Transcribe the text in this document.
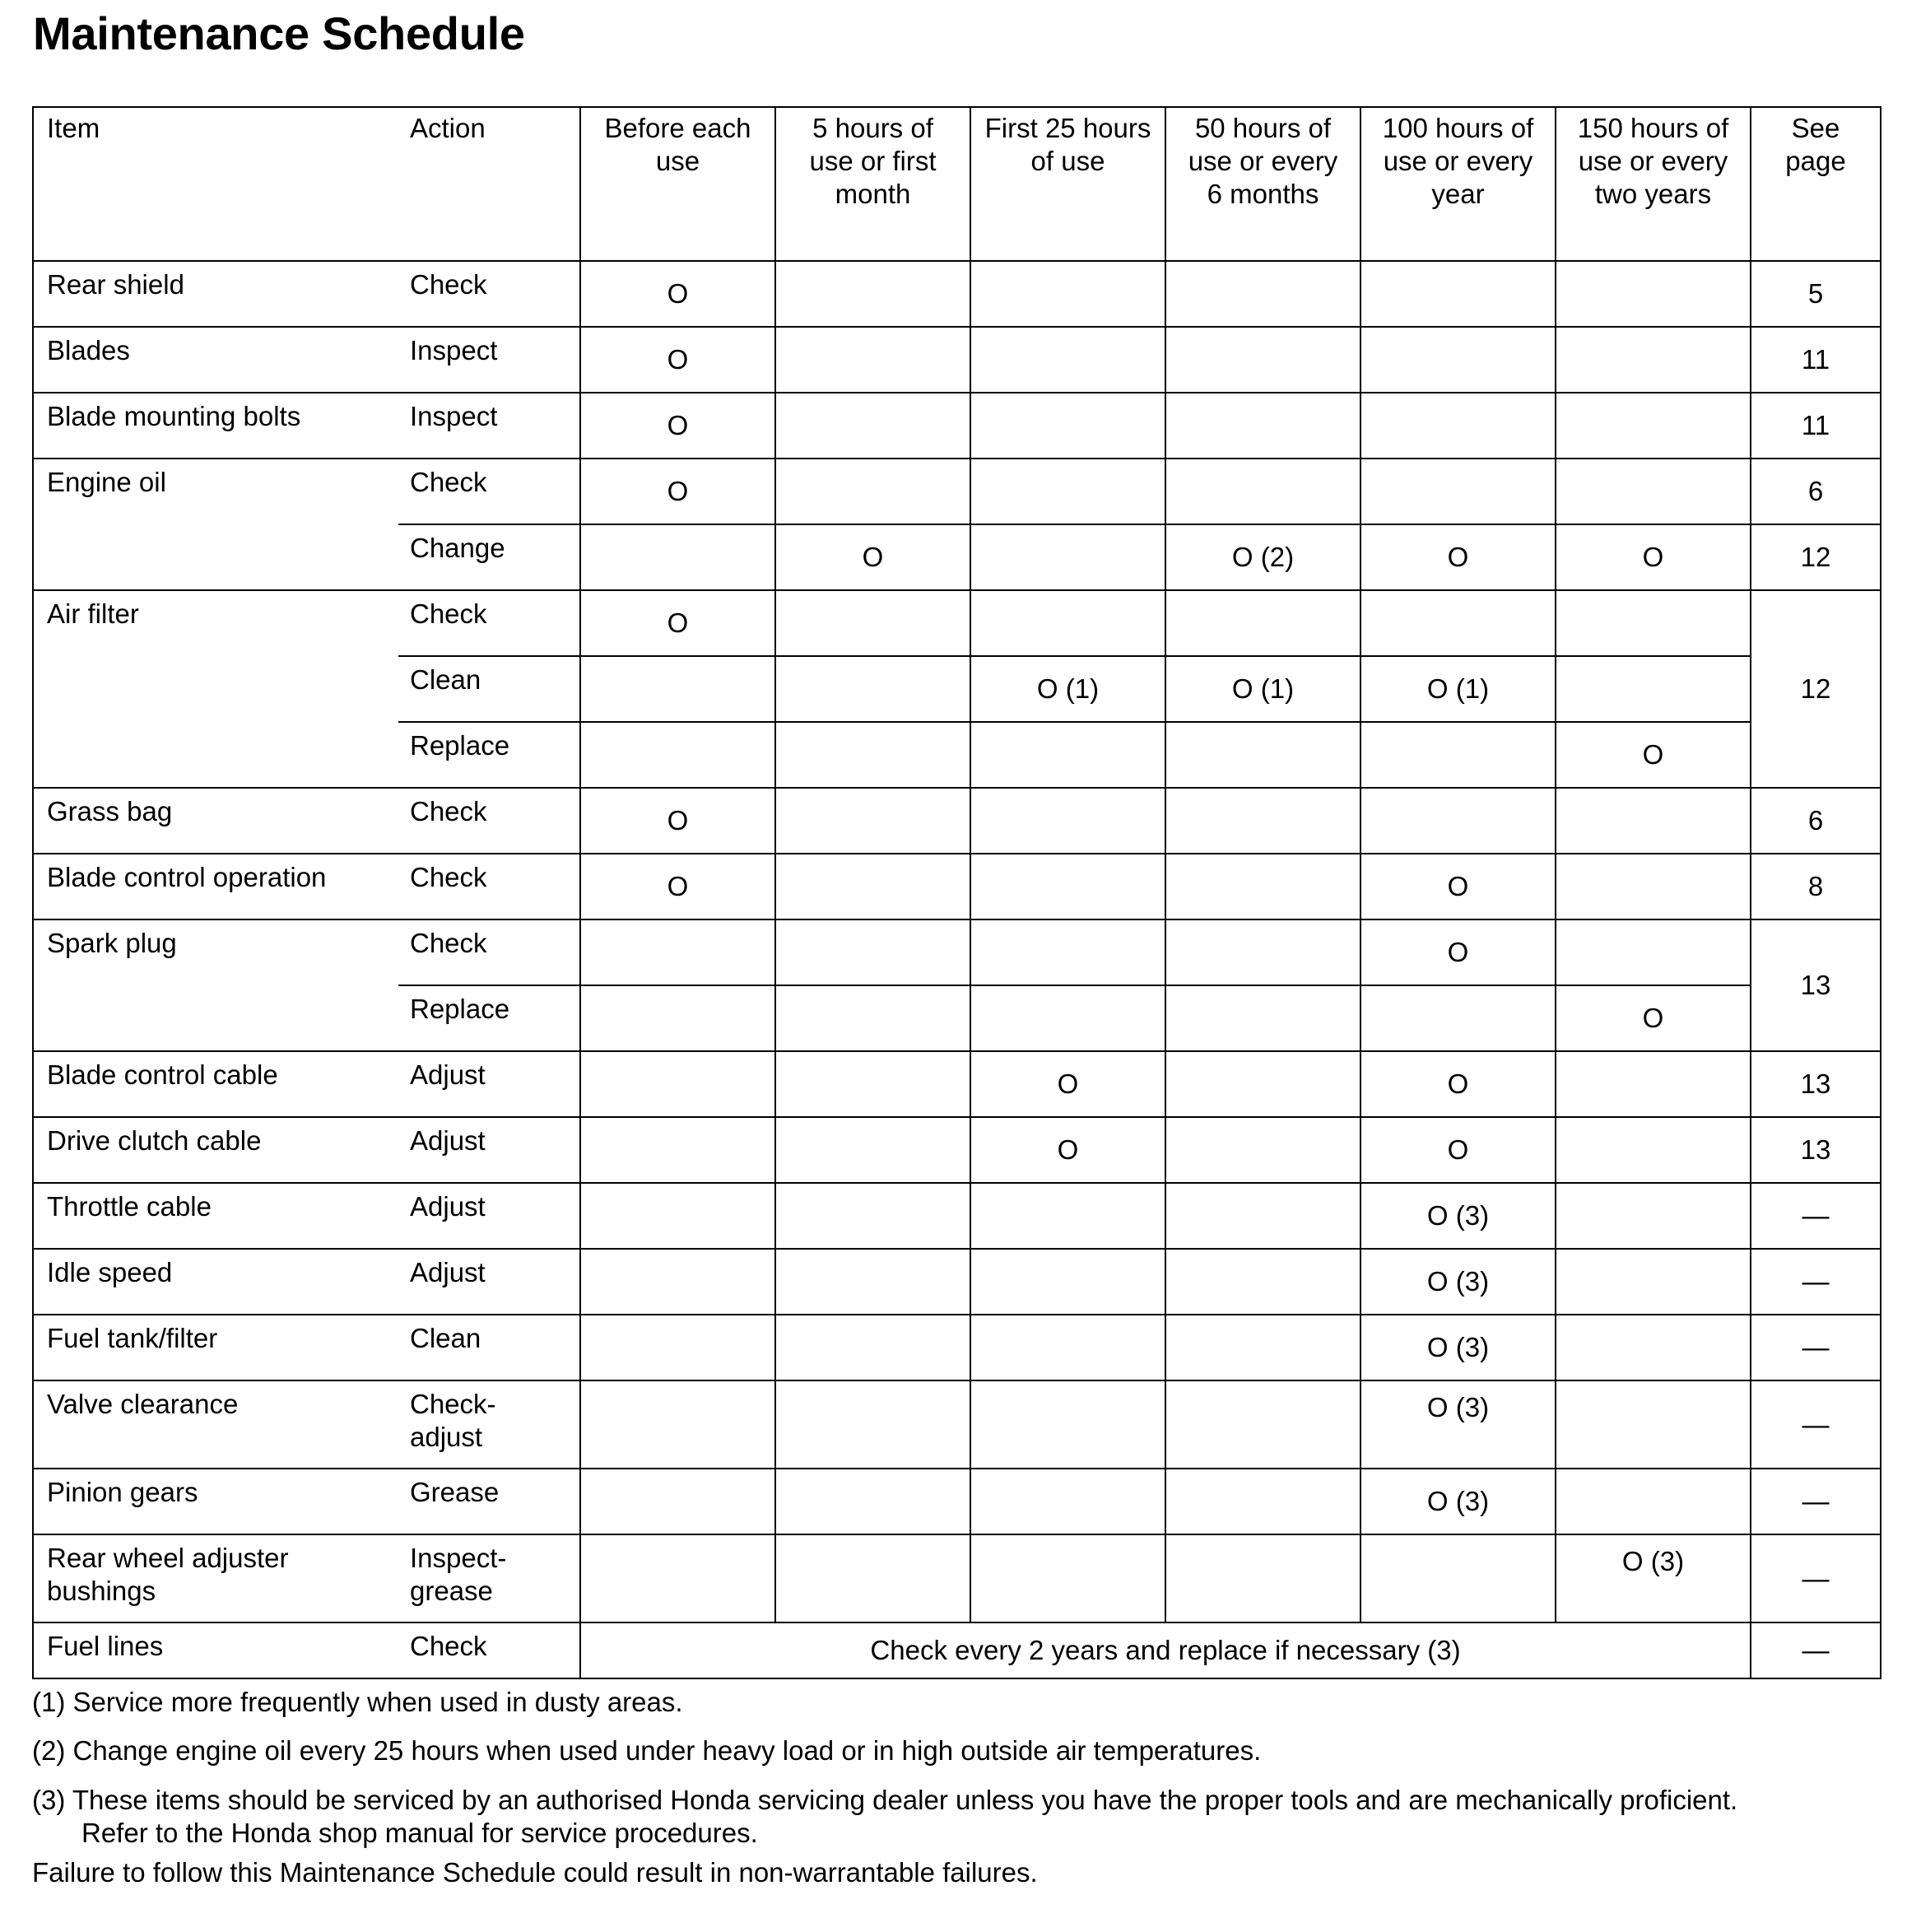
Maintenance Schedule
Item	Action	Before each use	5 hours of use or first month	First 25 hours of use	50 hours of use or every 6 months	100 hours of use or every year	150 hours of use or every two years	See page
Rear shield	Check	O						5
Blades	Inspect	O						11
Blade mounting bolts	Inspect	O						11
Engine oil	Check	O						6
	Change		O		O (2)	O	O	12
Air filter	Check	O						12
	Clean			O (1)	O (1)	O (1)		
	Replace						O	
Grass bag	Check	O						6
Blade control operation	Check	O				O		8
Spark plug	Check					O		13
	Replace						O	
Blade control cable	Adjust			O		O		13
Drive clutch cable	Adjust			O		O		13
Throttle cable	Adjust					O (3)		—
Idle speed	Adjust					O (3)		—
Fuel tank/filter	Clean					O (3)		—
Valve clearance	Check-adjust					O (3)		—
Pinion gears	Grease					O (3)		—
Rear wheel adjuster bushings	Inspect-grease						O (3)	—
Fuel lines	Check	Check every 2 years and replace if necessary (3)						—
(1) Service more frequently when used in dusty areas.
(2) Change engine oil every 25 hours when used under heavy load or in high outside air temperatures.
(3) These items should be serviced by an authorised Honda servicing dealer unless you have the proper tools and are mechanically proficient.
Refer to the Honda shop manual for service procedures.
Failure to follow this Maintenance Schedule could result in non-warrantable failures.
